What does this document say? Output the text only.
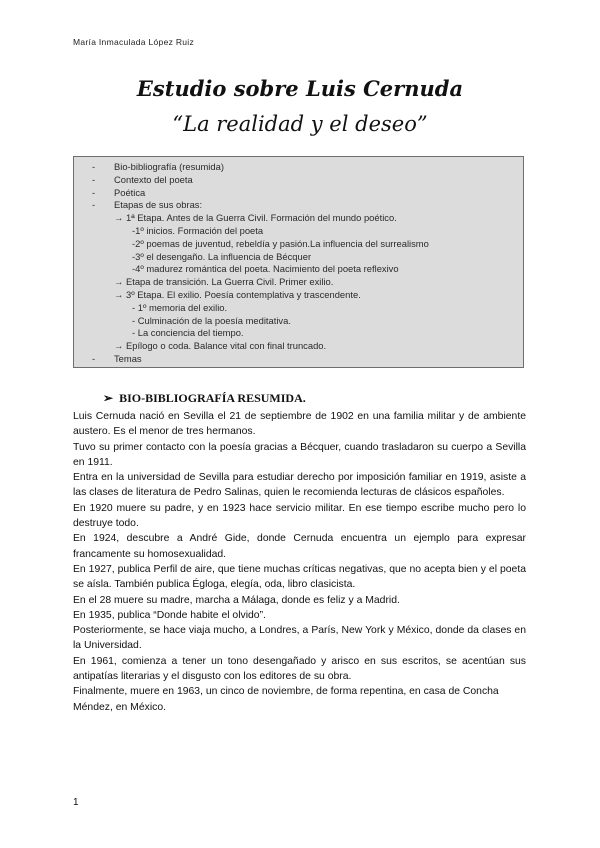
María Inmaculada López Ruiz
Estudio sobre Luis Cernuda
“La realidad y el deseo”
- Bio-bibliografía (resumida)
- Contexto del poeta
- Poética
- Etapas de sus obras:
→ 1ª Etapa. Antes de la Guerra Civil. Formación del mundo poético.
-1º inicios. Formación del poeta
-2º poemas de juventud, rebeldía y pasión.La influencia del surrealismo
-3º el desengaño. La influencia de Bécquer
-4º madurez romántica del poeta. Nacimiento del poeta reflexivo
→ Etapa de transición. La Guerra Civil. Primer exilio.
→ 3º Etapa. El exilio. Poesía contemplativa y trascendente.
- 1º memoria del exilio.
- Culminación de la poesía meditativa.
- La conciencia del tiempo.
→ Epílogo o coda. Balance vital con final truncado.
- Temas
➢ BIO-BIBLIOGRAFÍA RESUMIDA.

Luis Cernuda nació en Sevilla el 21 de septiembre de 1902 en una familia militar y de ambiente austero. Es el menor de tres hermanos.

Tuvo su primer contacto con la poesía gracias a Bécquer, cuando trasladaron su cuerpo a Sevilla en 1911.

Entra en la universidad de Sevilla para estudiar derecho por imposición familiar en 1919, asiste a las clases de literatura de Pedro Salinas, quien le recomienda lecturas de clásicos españoles.

En 1920 muere su padre, y en 1923 hace servicio militar. En ese tiempo escribe mucho pero lo destruye todo.

En 1924, descubre a André Gide, donde Cernuda encuentra un ejemplo para expresar francamente su homosexualidad.

En 1927, publica Perfil de aire, que tiene muchas críticas negativas, que no acepta bien y el poeta se aísla. También publica Égloga, elegía, oda, libro clasicista.

En el 28 muere su madre, marcha a Málaga, donde es feliz y a Madrid.

En 1935, publica “Donde habite el olvido”.

Posteriormente, se hace viaja mucho, a Londres, a París, New York y México, donde da clases en la Universidad.

En 1961, comienza a tener un tono desengañado y arisco en sus escritos, se acentúan sus antipatías literarias y el disgusto con los editores de su obra.

Finalmente, muere en 1963, un cinco de noviembre, de forma repentina, en casa de Concha Méndez, en México.

1
